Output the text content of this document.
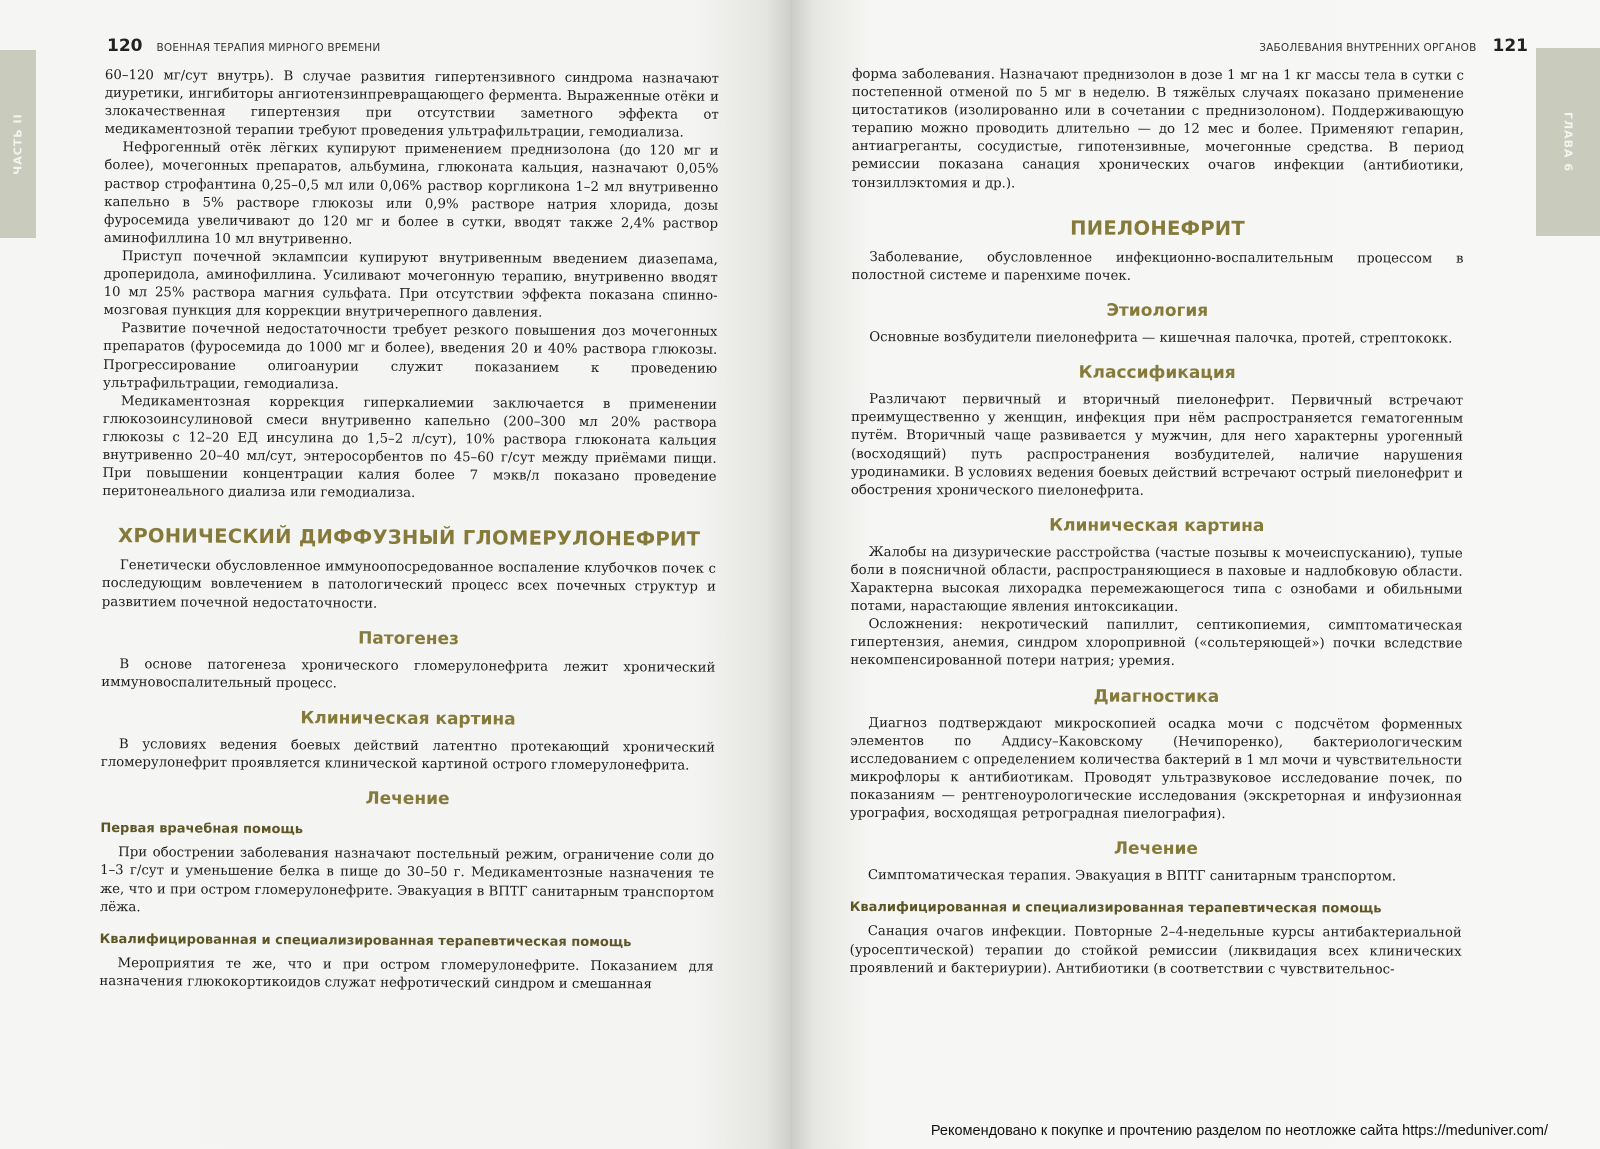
ЧАСТЬ II
120 ВОЕННАЯ ТЕРАПИЯ МИРНОГО ВРЕМЕНИ

60–120 мг/сут внутрь). В случае развития гипертензивного синдрома назначают диуретики, ингибиторы ангиотензинпревращающего фермента. Выраженные отёки и злокачественная гипертензия при отсутствии заметного эффекта от медикаментозной терапии требуют проведения ультрафильтрации, гемодиализа.

Нефрогенный отёк лёгких купируют применением преднизолона (до 120 мг и более), мочегонных препаратов, альбумина, глюконата кальция, назначают 0,05% раствор строфантина 0,25–0,5 мл или 0,06% раствор коргликона 1–2 мл внутривенно капельно в 5% растворе глюкозы или 0,9% растворе натрия хлорида, дозы фуросемида увеличивают до 120 мг и более в сутки, вводят также 2,4% раствор аминофиллина 10 мл внутривенно.

Приступ почечной эклампсии купируют внутривенным введением диазепама, дроперидола, аминофиллина. Усиливают мочегонную терапию, внутривенно вводят 10 мл 25% раствора магния сульфата. При отсутствии эффекта показана спинно-мозговая пункция для коррекции внутричерепного давления.

Развитие почечной недостаточности требует резкого повышения доз мочегонных препаратов (фуросемида до 1000 мг и более), введения 20 и 40% раствора глюкозы. Прогрессирование олигоанурии служит показанием к проведению ультрафильтрации, гемодиализа.

Медикаментозная коррекция гиперкалиемии заключается в применении глюкозоинсулиновой смеси внутривенно капельно (200–300 мл 20% раствора глюкозы с 12–20 ЕД инсулина до 1,5–2 л/сут), 10% раствора глюконата кальция внутривенно 20–40 мл/сут, энтеросорбентов по 45–60 г/сут между приёмами пищи. При повышении концентрации калия более 7 мэкв/л показано проведение перитонеального диализа или гемодиализа.

ХРОНИЧЕСКИЙ ДИФФУЗНЫЙ ГЛОМЕРУЛОНЕФРИТ

Генетически обусловленное иммуноопосредованное воспаление клубочков почек с последующим вовлечением в патологический процесс всех почечных структур и развитием почечной недостаточности.

Патогенез

В основе патогенеза хронического гломерулонефрита лежит хронический иммуновоспалительный процесс.

Клиническая картина

В условиях ведения боевых действий латентно протекающий хронический гломерулонефрит проявляется клинической картиной острого гломерулонефрита.

Лечение
Первая врачебная помощь

При обострении заболевания назначают постельный режим, ограничение соли до 1–3 г/сут и уменьшение белка в пище до 30–50 г. Медикаментозные назначения те же, что и при остром гломерулонефрите. Эвакуация в ВПТГ санитарным транспортом лёжа.

Квалифицированная и специализированная терапевтическая помощь

Мероприятия те же, что и при остром гломерулонефрите. Показанием для назначения глюкокортикоидов служат нефротический синдром и смешанная

ЗАБОЛЕВАНИЯ ВНУТРЕННИХ ОРГАНОВ 121
ГЛАВА 6

форма заболевания. Назначают преднизолон в дозе 1 мг на 1 кг массы тела в сутки с постепенной отменой по 5 мг в неделю. В тяжёлых случаях показано применение цитостатиков (изолированно или в сочетании с преднизолоном). Поддерживающую терапию можно проводить длительно — до 12 мес и более. Применяют гепарин, антиагреганты, сосудистые, гипотензивные, мочегонные средства. В период ремиссии показана санация хронических очагов инфекции (антибиотики, тонзиллэктомия и др.).

ПИЕЛОНЕФРИТ

Заболевание, обусловленное инфекционно-воспалительным процессом в полостной системе и паренхиме почек.

Этиология

Основные возбудители пиелонефрита — кишечная палочка, протей, стрептококк.

Классификация

Различают первичный и вторичный пиелонефрит. Первичный встречают преимущественно у женщин, инфекция при нём распространяется гематогенным путём. Вторичный чаще развивается у мужчин, для него характерны урогенный (восходящий) путь распространения возбудителей, наличие нарушения уродинамики. В условиях ведения боевых действий встречают острый пиелонефрит и обострения хронического пиелонефрита.

Клиническая картина

Жалобы на дизурические расстройства (частые позывы к мочеиспусканию), тупые боли в поясничной области, распространяющиеся в паховые и надлобковую области. Характерна высокая лихорадка перемежающегося типа с ознобами и обильными потами, нарастающие явления интоксикации.

Осложнения: некротический папиллит, септикопиемия, симптоматическая гипертензия, анемия, синдром хлоропривной («сольтеряющей») почки вследствие некомпенсированной потери натрия; уремия.

Диагностика

Диагноз подтверждают микроскопией осадка мочи с подсчётом форменных элементов по Аддису–Каковскому (Нечипоренко), бактериологическим исследованием с определением количества бактерий в 1 мл мочи и чувствительности микрофлоры к антибиотикам. Проводят ультразвуковое исследование почек, по показаниям — рентгеноурологические исследования (экскреторная и инфузионная урография, восходящая ретроградная пиелография).

Лечение

Симптоматическая терапия. Эвакуация в ВПТГ санитарным транспортом.

Квалифицированная и специализированная терапевтическая помощь

Санация очагов инфекции. Повторные 2–4-недельные курсы антибактериальной (уросептической) терапии до стойкой ремиссии (ликвидация всех клинических проявлений и бактериурии). Антибиотики (в соответствии с чувствительнос-

Рекомендовано к покупке и прочтению разделом по неотложке сайта https://meduniver.com/
